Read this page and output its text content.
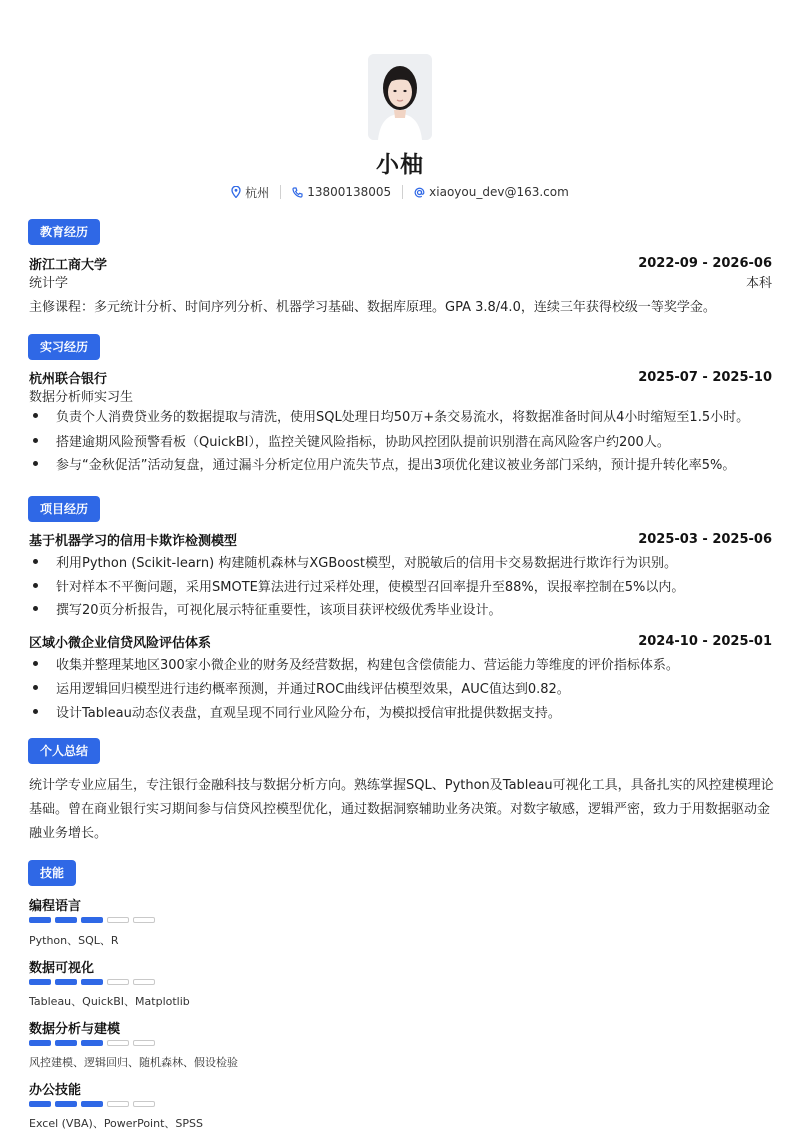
小柚
杭州	13800138005	xiaoyou_dev@163.com
教育经历
浙江工商大学	2022-09 - 2026-06
统计学	本科
主修课程：多元统计分析、时间序列分析、机器学习基础、数据库原理。GPA 3.8/4.0，连续三年获得校级一等奖学金。
实习经历
杭州联合银行	2025-07 - 2025-10
数据分析师实习生
负责个人消费贷业务的数据提取与清洗，使用SQL处理日均50万+条交易流水，将数据准备时间从4小时缩短至1.5小时。
搭建逾期风险预警看板（QuickBI），监控关键风险指标，协助风控团队提前识别潜在高风险客户约200人。
参与“金秋促活”活动复盘，通过漏斗分析定位用户流失节点，提出3项优化建议被业务部门采纳，预计提升转化率5%。
项目经历
基于机器学习的信用卡欺诈检测模型	2025-03 - 2025-06
利用Python (Scikit-learn) 构建随机森林与XGBoost模型，对脱敏后的信用卡交易数据进行欺诈行为识别。
针对样本不平衡问题，采用SMOTE算法进行过采样处理，使模型召回率提升至88%，误报率控制在5%以内。
撰写20页分析报告，可视化展示特征重要性，该项目获评校级优秀毕业设计。
区域小微企业信贷风险评估体系	2024-10 - 2025-01
收集并整理某地区300家小微企业的财务及经营数据，构建包含偿债能力、营运能力等维度的评价指标体系。
运用逻辑回归模型进行违约概率预测，并通过ROC曲线评估模型效果，AUC值达到0.82。
设计Tableau动态仪表盘，直观呈现不同行业风险分布，为模拟授信审批提供数据支持。
个人总结
统计学专业应届生，专注银行金融科技与数据分析方向。熟练掌握SQL、Python及Tableau可视化工具，具备扎实的风控建模理论基础。曾在商业银行实习期间参与信贷风控模型优化，通过数据洞察辅助业务决策。对数字敏感，逻辑严密，致力于用数据驱动金融业务增长。
技能
编程语言
Python、SQL、R
数据可视化
Tableau、QuickBI、Matplotlib
数据分析与建模
风控建模、逻辑回归、随机森林、假设检验
办公技能
Excel (VBA)、PowerPoint、SPSS
